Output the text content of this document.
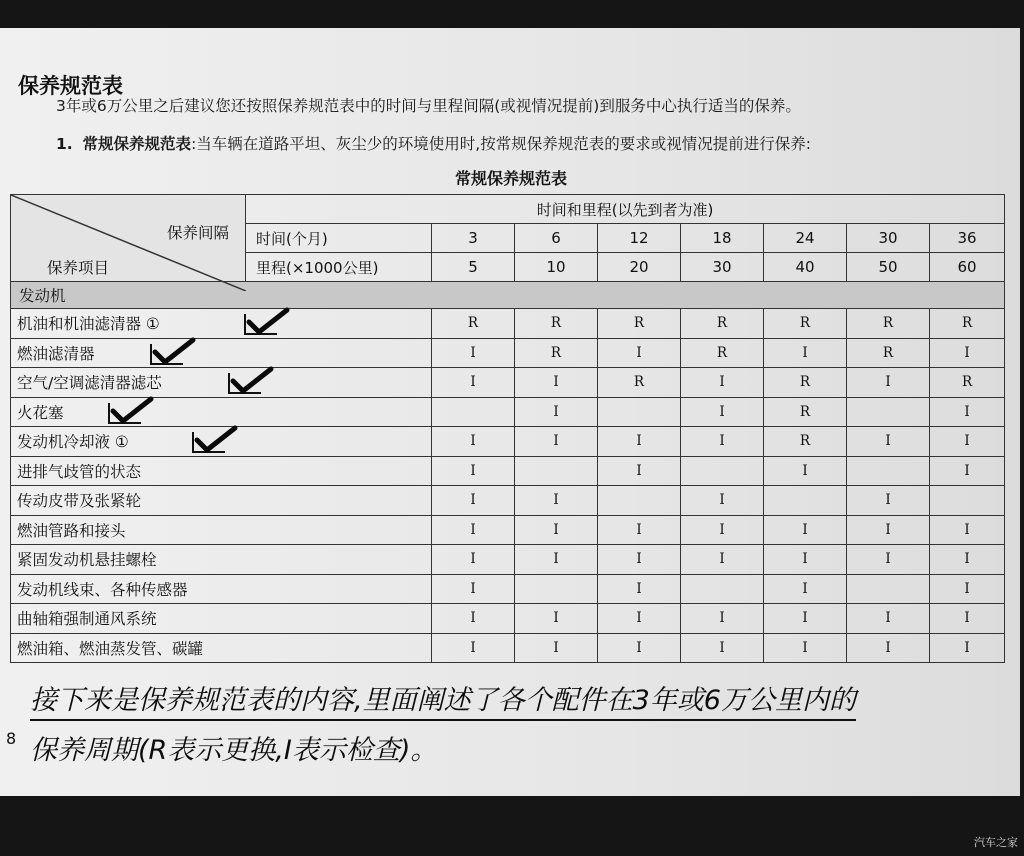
保养规范表
3年或6万公里之后建议您还按照保养规范表中的时间与里程间隔(或视情况提前)到服务中心执行适当的保养。
1. 常规保养规范表:当车辆在道路平坦、灰尘少的环境使用时,按常规保养规范表的要求或视情况提前进行保养:
常规保养规范表
保养间隔
保养项目	时间和里程(以先到者为准)							
	时间(个月)	3	6	12	18	24	30	36
	里程(×1000公里)	5	10	20	30	40	50	60
发动机								
机油和机油滤清器 ①		R	R	R	R	R	R	R
燃油滤清器		I	R	I	R	I	R	I
空气/空调滤清器滤芯		I	I	R	I	R	I	R
火花塞			I		I	R		I
发动机冷却液 ①		I	I	I	I	R	I	I
进排气歧管的状态		I		I		I		I
传动皮带及张紧轮		I	I		I		I	
燃油管路和接头		I	I	I	I	I	I	I
紧固发动机悬挂螺栓		I	I	I	I	I	I	I
发动机线束、各种传感器		I		I		I		I
曲轴箱强制通风系统		I	I	I	I	I	I	I
燃油箱、燃油蒸发管、碳罐		I	I	I	I	I	I	I
接下来是保养规范表的内容,里面阐述了各个配件在3年或6万公里内的
8 保养周期(R表示更换,I表示检查)。
汽车之家
